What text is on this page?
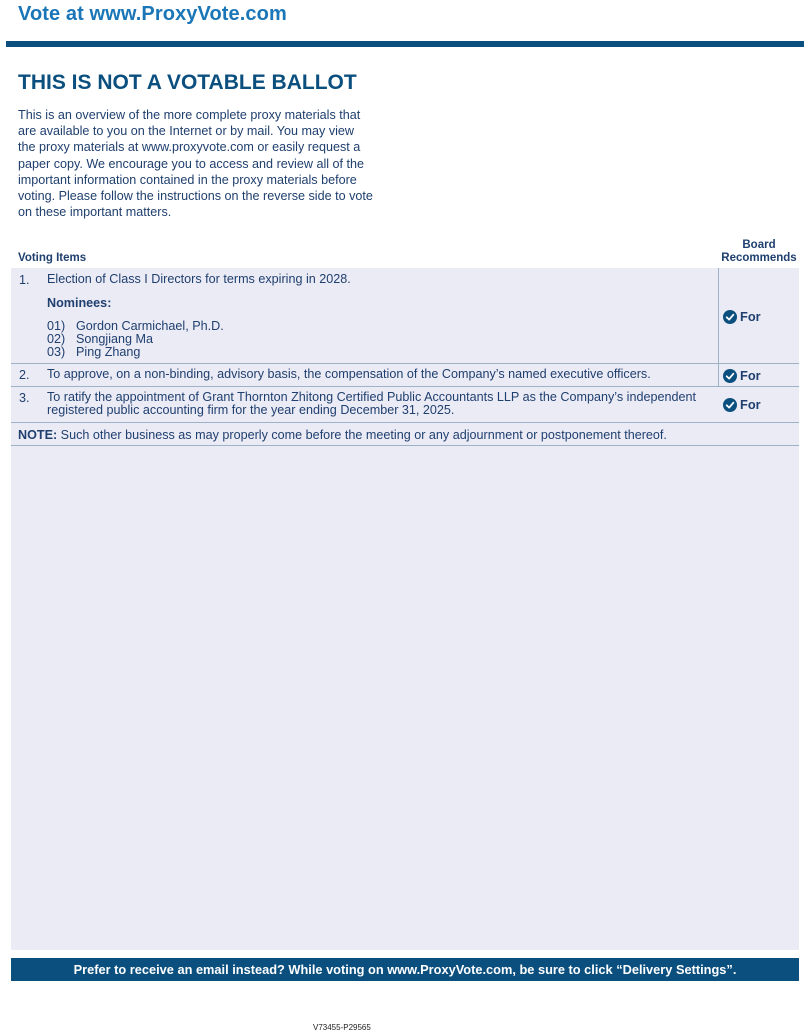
Vote at www.ProxyVote.com
THIS IS NOT A VOTABLE BALLOT
This is an overview of the more complete proxy materials that
are available to you on the Internet or by mail. You may view
the proxy materials at www.proxyvote.com or easily request a
paper copy. We encourage you to access and review all of the
important information contained in the proxy materials before
voting. Please follow the instructions on the reverse side to vote
on these important matters.
Voting Items
Board
Recommends
1. Election of Class I Directors for terms expiring in 2028.
Nominees:
01) Gordon Carmichael, Ph.D.
02) Songjiang Ma
03) Ping Zhang
For
2. To approve, on a non-binding, advisory basis, the compensation of the Company’s named executive officers.	For
3. To ratify the appointment of Grant Thornton Zhitong Certified Public Accountants LLP as the Company’s independent
registered public accounting firm for the year ending December 31, 2025.	For
NOTE: Such other business as may properly come before the meeting or any adjournment or postponement thereof.
Prefer to receive an email instead? While voting on www.ProxyVote.com, be sure to click “Delivery Settings”.
V73455-P29565
